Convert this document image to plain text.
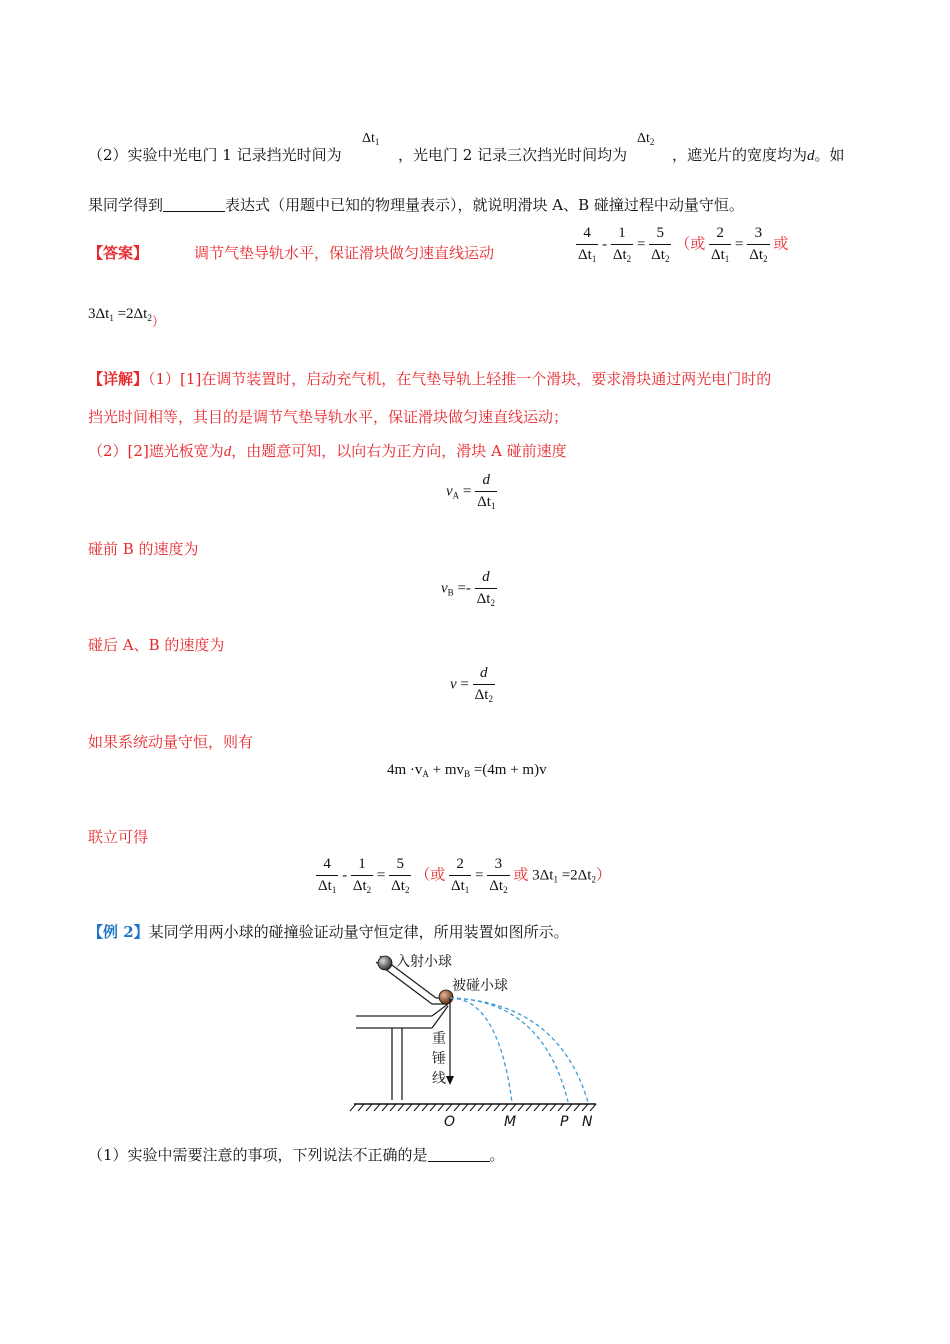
（2）实验中光电门 1 记录挡光时间为
$\Delta t_1$
，光电门 2 记录三次挡光时间均为
$\Delta t_2$
，遮光片的宽度均为d。如
果同学得到	表达式（用题中已知的物理量表示），就说明滑块 A、B 碰撞过程中动量守恒。
【答案】	调节气垫导轨水平，保证滑块做匀速直线运动	$\frac{4}{\Delta t_1} - \frac{1}{\Delta t_2} = \frac{5}{\Delta t_2}$ （或 $\frac{2}{\Delta t_1} = \frac{3}{\Delta t_2}$ 或
$3\Delta t_1 =2\Delta t_2$）
【详解】（1）[1]在调节装置时，启动充气机，在气垫导轨上轻推一个滑块，要求滑块通过两光电门时的
挡光时间相等，其目的是调节气垫导轨水平，保证滑块做匀速直线运动；
（2）[2]遮光板宽为d，由题意可知，以向右为正方向，滑块 A 碰前速度
$v_A = \frac{d}{\Delta t_1}$
碰前 B 的速度为
$v_B =- \frac{d}{\Delta t_2}$
碰后 A、B 的速度为
$v = \frac{d}{\Delta t_2}$
如果系统动量守恒，则有
$4m \cdot v_A + mv_B =(4m + m)v$
联立可得
$\frac{4}{\Delta t_1} - \frac{1}{\Delta t_2} = \frac{5}{\Delta t_2}$ （或 $\frac{2}{\Delta t_1} = \frac{3}{\Delta t_2}$ 或 $3\Delta t_1 =2\Delta t_2$）
【例 2】某同学用两小球的碰撞验证动量守恒定律，所用装置如图所示。
入射小球
被碰小球
重
锤
线
O	M	P N
（1）实验中需要注意的事项，下列说法不正确的是	。
